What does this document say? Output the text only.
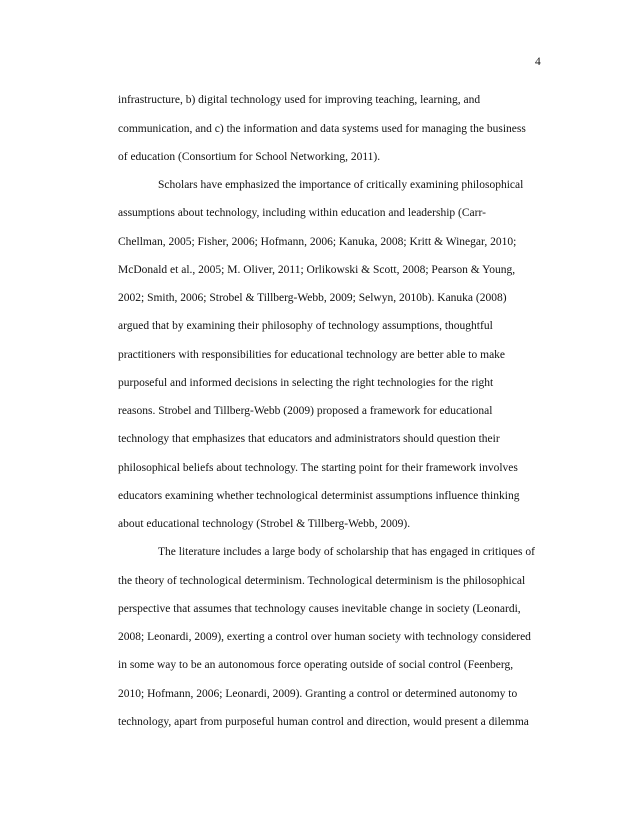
4
infrastructure, b) digital technology used for improving teaching, learning, and
communication, and c) the information and data systems used for managing the business
of education (Consortium for School Networking, 2011).
Scholars have emphasized the importance of critically examining philosophical
assumptions about technology, including within education and leadership (Carr-
Chellman, 2005; Fisher, 2006; Hofmann, 2006; Kanuka, 2008; Kritt & Winegar, 2010;
McDonald et al., 2005; M. Oliver, 2011; Orlikowski & Scott, 2008; Pearson & Young,
2002; Smith, 2006; Strobel & Tillberg-Webb, 2009; Selwyn, 2010b). Kanuka (2008)
argued that by examining their philosophy of technology assumptions, thoughtful
practitioners with responsibilities for educational technology are better able to make
purposeful and informed decisions in selecting the right technologies for the right
reasons. Strobel and Tillberg-Webb (2009) proposed a framework for educational
technology that emphasizes that educators and administrators should question their
philosophical beliefs about technology. The starting point for their framework involves
educators examining whether technological determinist assumptions influence thinking
about educational technology (Strobel & Tillberg-Webb, 2009).
The literature includes a large body of scholarship that has engaged in critiques of
the theory of technological determinism. Technological determinism is the philosophical
perspective that assumes that technology causes inevitable change in society (Leonardi,
2008; Leonardi, 2009), exerting a control over human society with technology considered
in some way to be an autonomous force operating outside of social control (Feenberg,
2010; Hofmann, 2006; Leonardi, 2009). Granting a control or determined autonomy to
technology, apart from purposeful human control and direction, would present a dilemma
